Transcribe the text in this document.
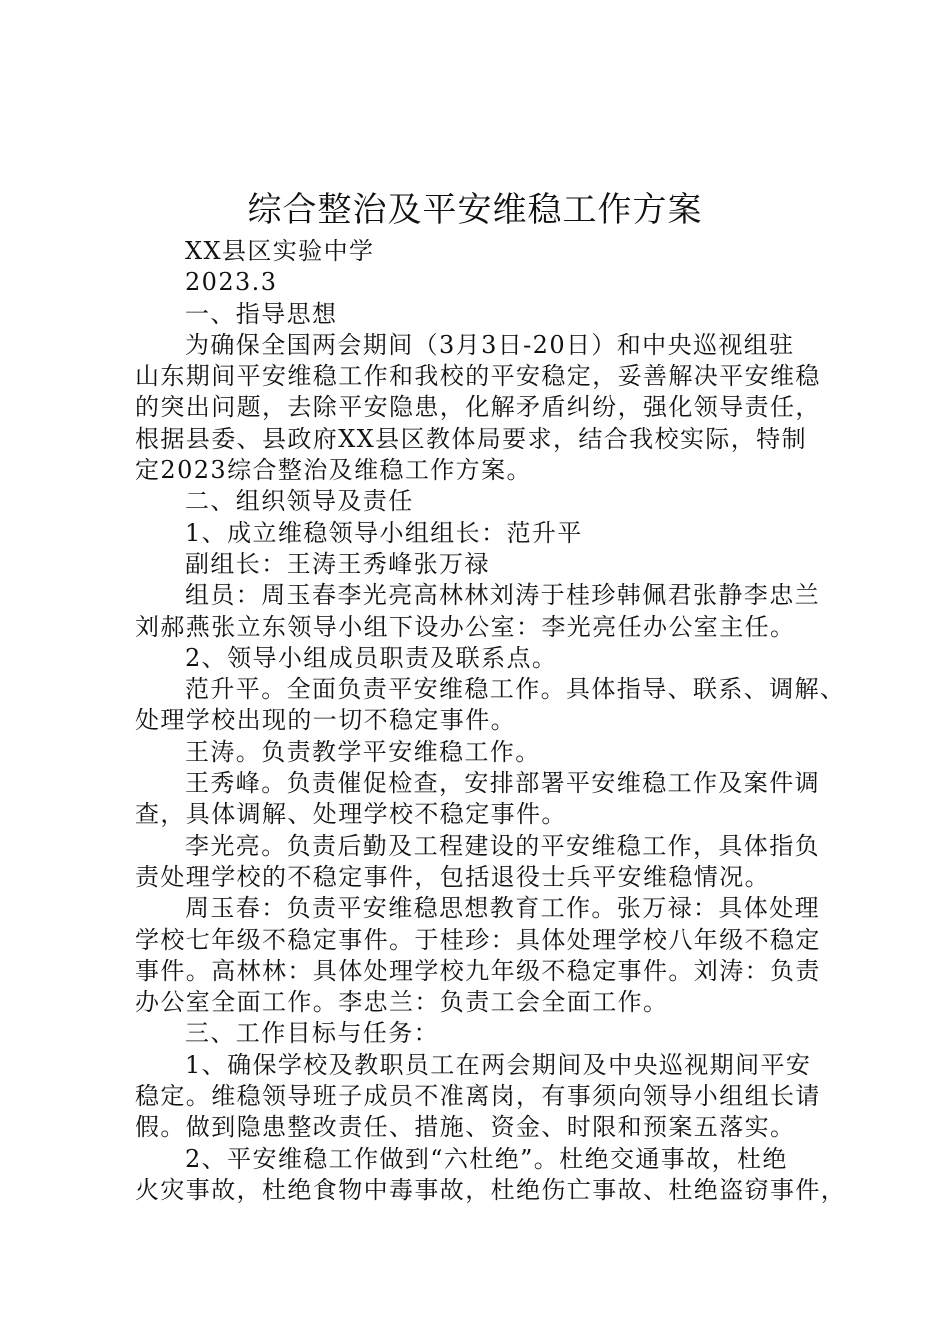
综合整治及平安维稳工作方案
XX县区实验中学
2023.3
一、指导思想
为确保全国两会期间（3月3日-20日）和中央巡视组驻
山东期间平安维稳工作和我校的平安稳定，妥善解决平安维稳
的突出问题，去除平安隐患，化解矛盾纠纷，强化领导责任，
根据县委、县政府XX县区教体局要求，结合我校实际，特制
定2023综合整治及维稳工作方案。
二、组织领导及责任
1、成立维稳领导小组组长：范升平
副组长：王涛王秀峰张万禄
组员：周玉春李光亮高林林刘涛于桂珍韩佩君张静李忠兰
刘郝燕张立东领导小组下设办公室：李光亮任办公室主任。
2、领导小组成员职责及联系点。
范升平。全面负责平安维稳工作。具体指导、联系、调解、
处理学校出现的一切不稳定事件。
王涛。负责教学平安维稳工作。
王秀峰。负责催促检查，安排部署平安维稳工作及案件调
查，具体调解、处理学校不稳定事件。
李光亮。负责后勤及工程建设的平安维稳工作，具体指负
责处理学校的不稳定事件，包括退役士兵平安维稳情况。
周玉春：负责平安维稳思想教育工作。张万禄：具体处理
学校七年级不稳定事件。于桂珍：具体处理学校八年级不稳定
事件。高林林：具体处理学校九年级不稳定事件。刘涛：负责
办公室全面工作。李忠兰：负责工会全面工作。
三、工作目标与任务：
1、确保学校及教职员工在两会期间及中央巡视期间平安
稳定。维稳领导班子成员不准离岗，有事须向领导小组组长请
假。做到隐患整改责任、措施、资金、时限和预案五落实。
2、平安维稳工作做到“六杜绝”。杜绝交通事故，杜绝
火灾事故，杜绝食物中毒事故，杜绝伤亡事故、杜绝盗窃事件，
